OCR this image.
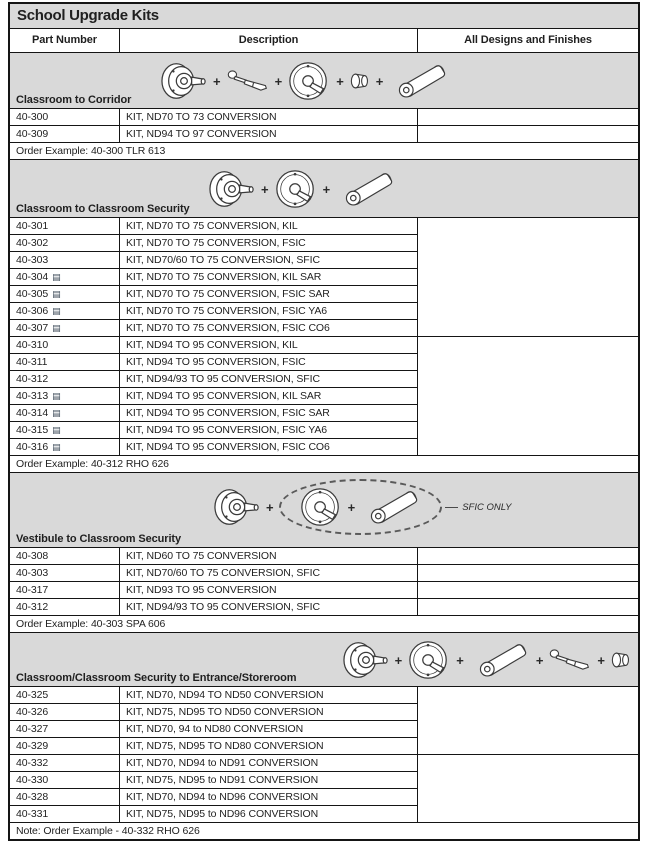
School Upgrade Kits
Part Number	Description	All Designs and Finishes
+	+	+ +
Classroom to Corridor
40-300	KIT, ND70 TO 73 CONVERSION
40-309	KIT, ND94 TO 97 CONVERSION
Order Example: 40-300 TLR 613
+	+
Classroom to Classroom Security
40-301	KIT, ND70 TO 75 CONVERSION, KIL
40-302	KIT, ND70 TO 75 CONVERSION, FSIC
40-303	KIT, ND70/60 TO 75 CONVERSION, SFIC
40-304 ▤	KIT, ND70 TO 75 CONVERSION, KIL SAR
40-305 ▤	KIT, ND70 TO 75 CONVERSION, FSIC SAR
40-306 ▤	KIT, ND70 TO 75 CONVERSION, FSIC YA6
40-307 ▤	KIT, ND70 TO 75 CONVERSION, FSIC CO6
40-310	KIT, ND94 TO 95 CONVERSION, KIL
40-311	KIT, ND94 TO 95 CONVERSION, FSIC
40-312	KIT, ND94/93 TO 95 CONVERSION, SFIC
40-313 ▤	KIT, ND94 TO 95 CONVERSION, KIL SAR
40-314 ▤	KIT, ND94 TO 95 CONVERSION, FSIC SAR
40-315 ▤	KIT, ND94 TO 95 CONVERSION, FSIC YA6
40-316 ▤	KIT, ND94 TO 95 CONVERSION, FSIC CO6
Order Example: 40-312 RHO 626
+	+	SFIC ONLY
Vestibule to Classroom Security
40-308	KIT, ND60 TO 75 CONVERSION
40-303	KIT, ND70/60 TO 75 CONVERSION, SFIC
40-317	KIT, ND93 TO 95 CONVERSION
40-312	KIT, ND94/93 TO 95 CONVERSION, SFIC
Order Example: 40-303 SPA 606
+	+	+	+
Classroom/Classroom Security to Entrance/Storeroom
40-325	KIT, ND70, ND94 TO ND50 CONVERSION
40-326	KIT, ND75, ND95 TO ND50 CONVERSION
40-327	KIT, ND70, 94 to ND80 CONVERSION
40-329	KIT, ND75, ND95 TO ND80 CONVERSION
40-332	KIT, ND70, ND94 to ND91 CONVERSION
40-330	KIT, ND75, ND95 to ND91 CONVERSION
40-328	KIT, ND70, ND94 to ND96 CONVERSION
40-331	KIT, ND75, ND95 to ND96 CONVERSION
Note: Order Example - 40-332 RHO 626
